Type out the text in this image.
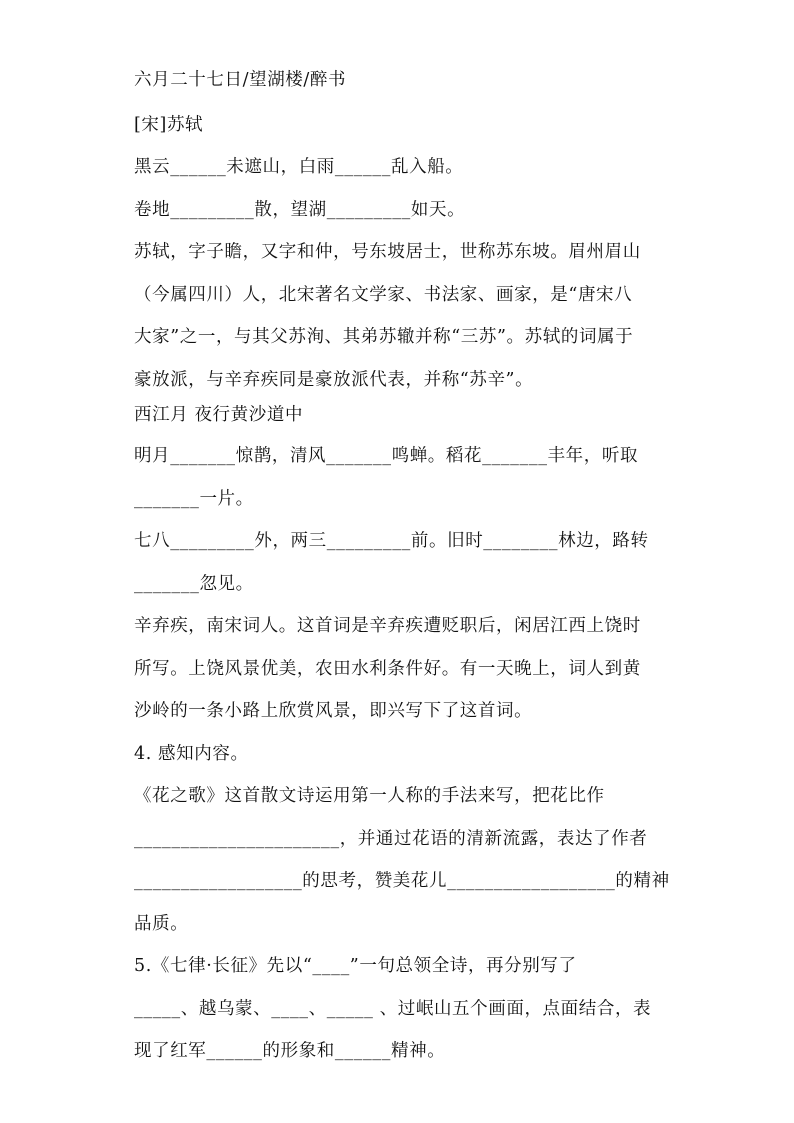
六月二十七日/望湖楼/醉书
[宋]苏轼
黑云______未遮山，白雨______乱入船。
卷地_________散，望湖_________如天。
苏轼，字子瞻，又字和仲，号东坡居士，世称苏东坡。眉州眉山
（今属四川）人，北宋著名文学家、书法家、画家，是“唐宋八
大家”之一，与其父苏洵、其弟苏辙并称“三苏”。苏轼的词属于
豪放派，与辛弃疾同是豪放派代表，并称“苏辛”。
西江月 夜行黄沙道中
明月_______惊鹊，清风_______鸣蝉。稻花_______丰年，听取
_______一片。
七八_________外，两三_________前。旧时________林边，路转
_______忽见。
辛弃疾，南宋词人。这首词是辛弃疾遭贬职后，闲居江西上饶时
所写。上饶风景优美，农田水利条件好。有一天晚上，词人到黄
沙岭的一条小路上欣赏风景，即兴写下了这首词。
4. 感知内容。
《花之歌》这首散文诗运用第一人称的手法来写，把花比作
______________________，并通过花语的清新流露，表达了作者
__________________的思考，赞美花儿__________________的精神
品质。
5.《七律·长征》先以“____”一句总领全诗，再分别写了
_____、越乌蒙、____、_____ 、过岷山五个画面，点面结合，表
现了红军______的形象和______精神。
